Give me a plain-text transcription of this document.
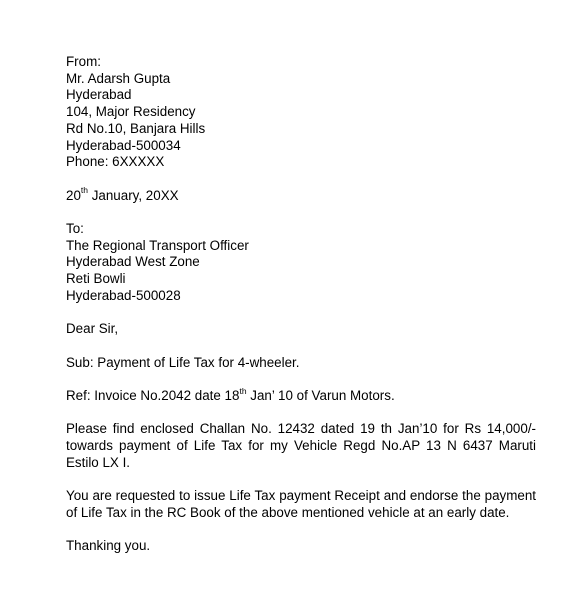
From:

Mr. Adarsh Gupta

Hyderabad

104, Major Residency

Rd No.10, Banjara Hills

Hyderabad-500034

Phone: 6XXXXX

20th January, 20XX

To:

The Regional Transport Officer

Hyderabad West Zone

Reti Bowli

Hyderabad-500028

Dear Sir,

Sub: Payment of Life Tax for 4-wheeler.

Ref: Invoice No.2042 date 18th Jan’ 10 of Varun Motors.

Please find enclosed Challan No. 12432 dated 19 th Jan’10 for Rs 14,000/- towards payment of Life Tax for my Vehicle Regd No.AP 13 N 6437 Maruti Estilo LX I.

You are requested to issue Life Tax payment Receipt and endorse the payment of Life Tax in the RC Book of the above mentioned vehicle at an early date.

Thanking you.
